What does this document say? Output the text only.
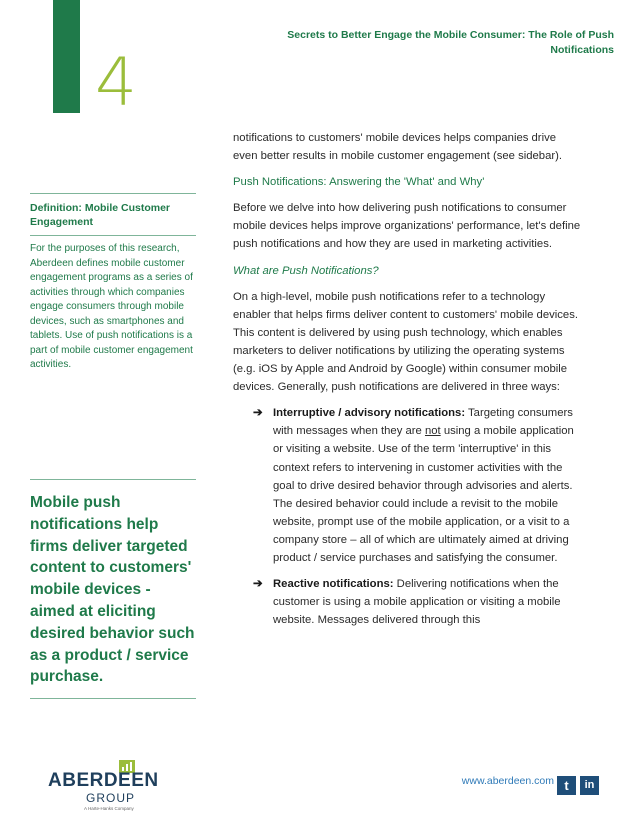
4
Secrets to Better Engage the Mobile Consumer: The Role of Push Notifications
Definition: Mobile Customer Engagement
For the purposes of this research, Aberdeen defines mobile customer engagement programs as a series of activities through which companies engage consumers through mobile devices, such as smartphones and tablets. Use of push notifications is a part of mobile customer engagement activities.
Mobile push notifications help firms deliver targeted content to customers' mobile devices - aimed at eliciting desired behavior such as a product / service purchase.

notifications to customers' mobile devices helps companies drive even better results in mobile customer engagement (see sidebar).

Push Notifications: Answering the 'What' and Why'

Before we delve into how delivering push notifications to consumer mobile devices helps improve organizations' performance, let's define push notifications and how they are used in marketing activities.

What are Push Notifications?

On a high-level, mobile push notifications refer to a technology enabler that helps firms deliver content to customers' mobile devices. This content is delivered by using push technology, which enables marketers to deliver notifications by utilizing the operating systems (e.g. iOS by Apple and Android by Google) within consumer mobile devices. Generally, push notifications are delivered in three ways:

➔ Interruptive / advisory notifications: Targeting consumers with messages when they are not using a mobile application or visiting a website. Use of the term 'interruptive' in this context refers to intervening in customer activities with the goal to drive desired behavior through advisories and alerts. The desired behavior could include a revisit to the mobile website, prompt use of the mobile application, or a visit to a company store – all of which are ultimately aimed at driving product / service purchases and satisfying the consumer.
➔ Reactive notifications: Delivering notifications when the customer is using a mobile application or visiting a mobile website. Messages delivered through this
ABERDEEN
GROUP
A Harte-Hanks Company
www.aberdeen.com t	in
